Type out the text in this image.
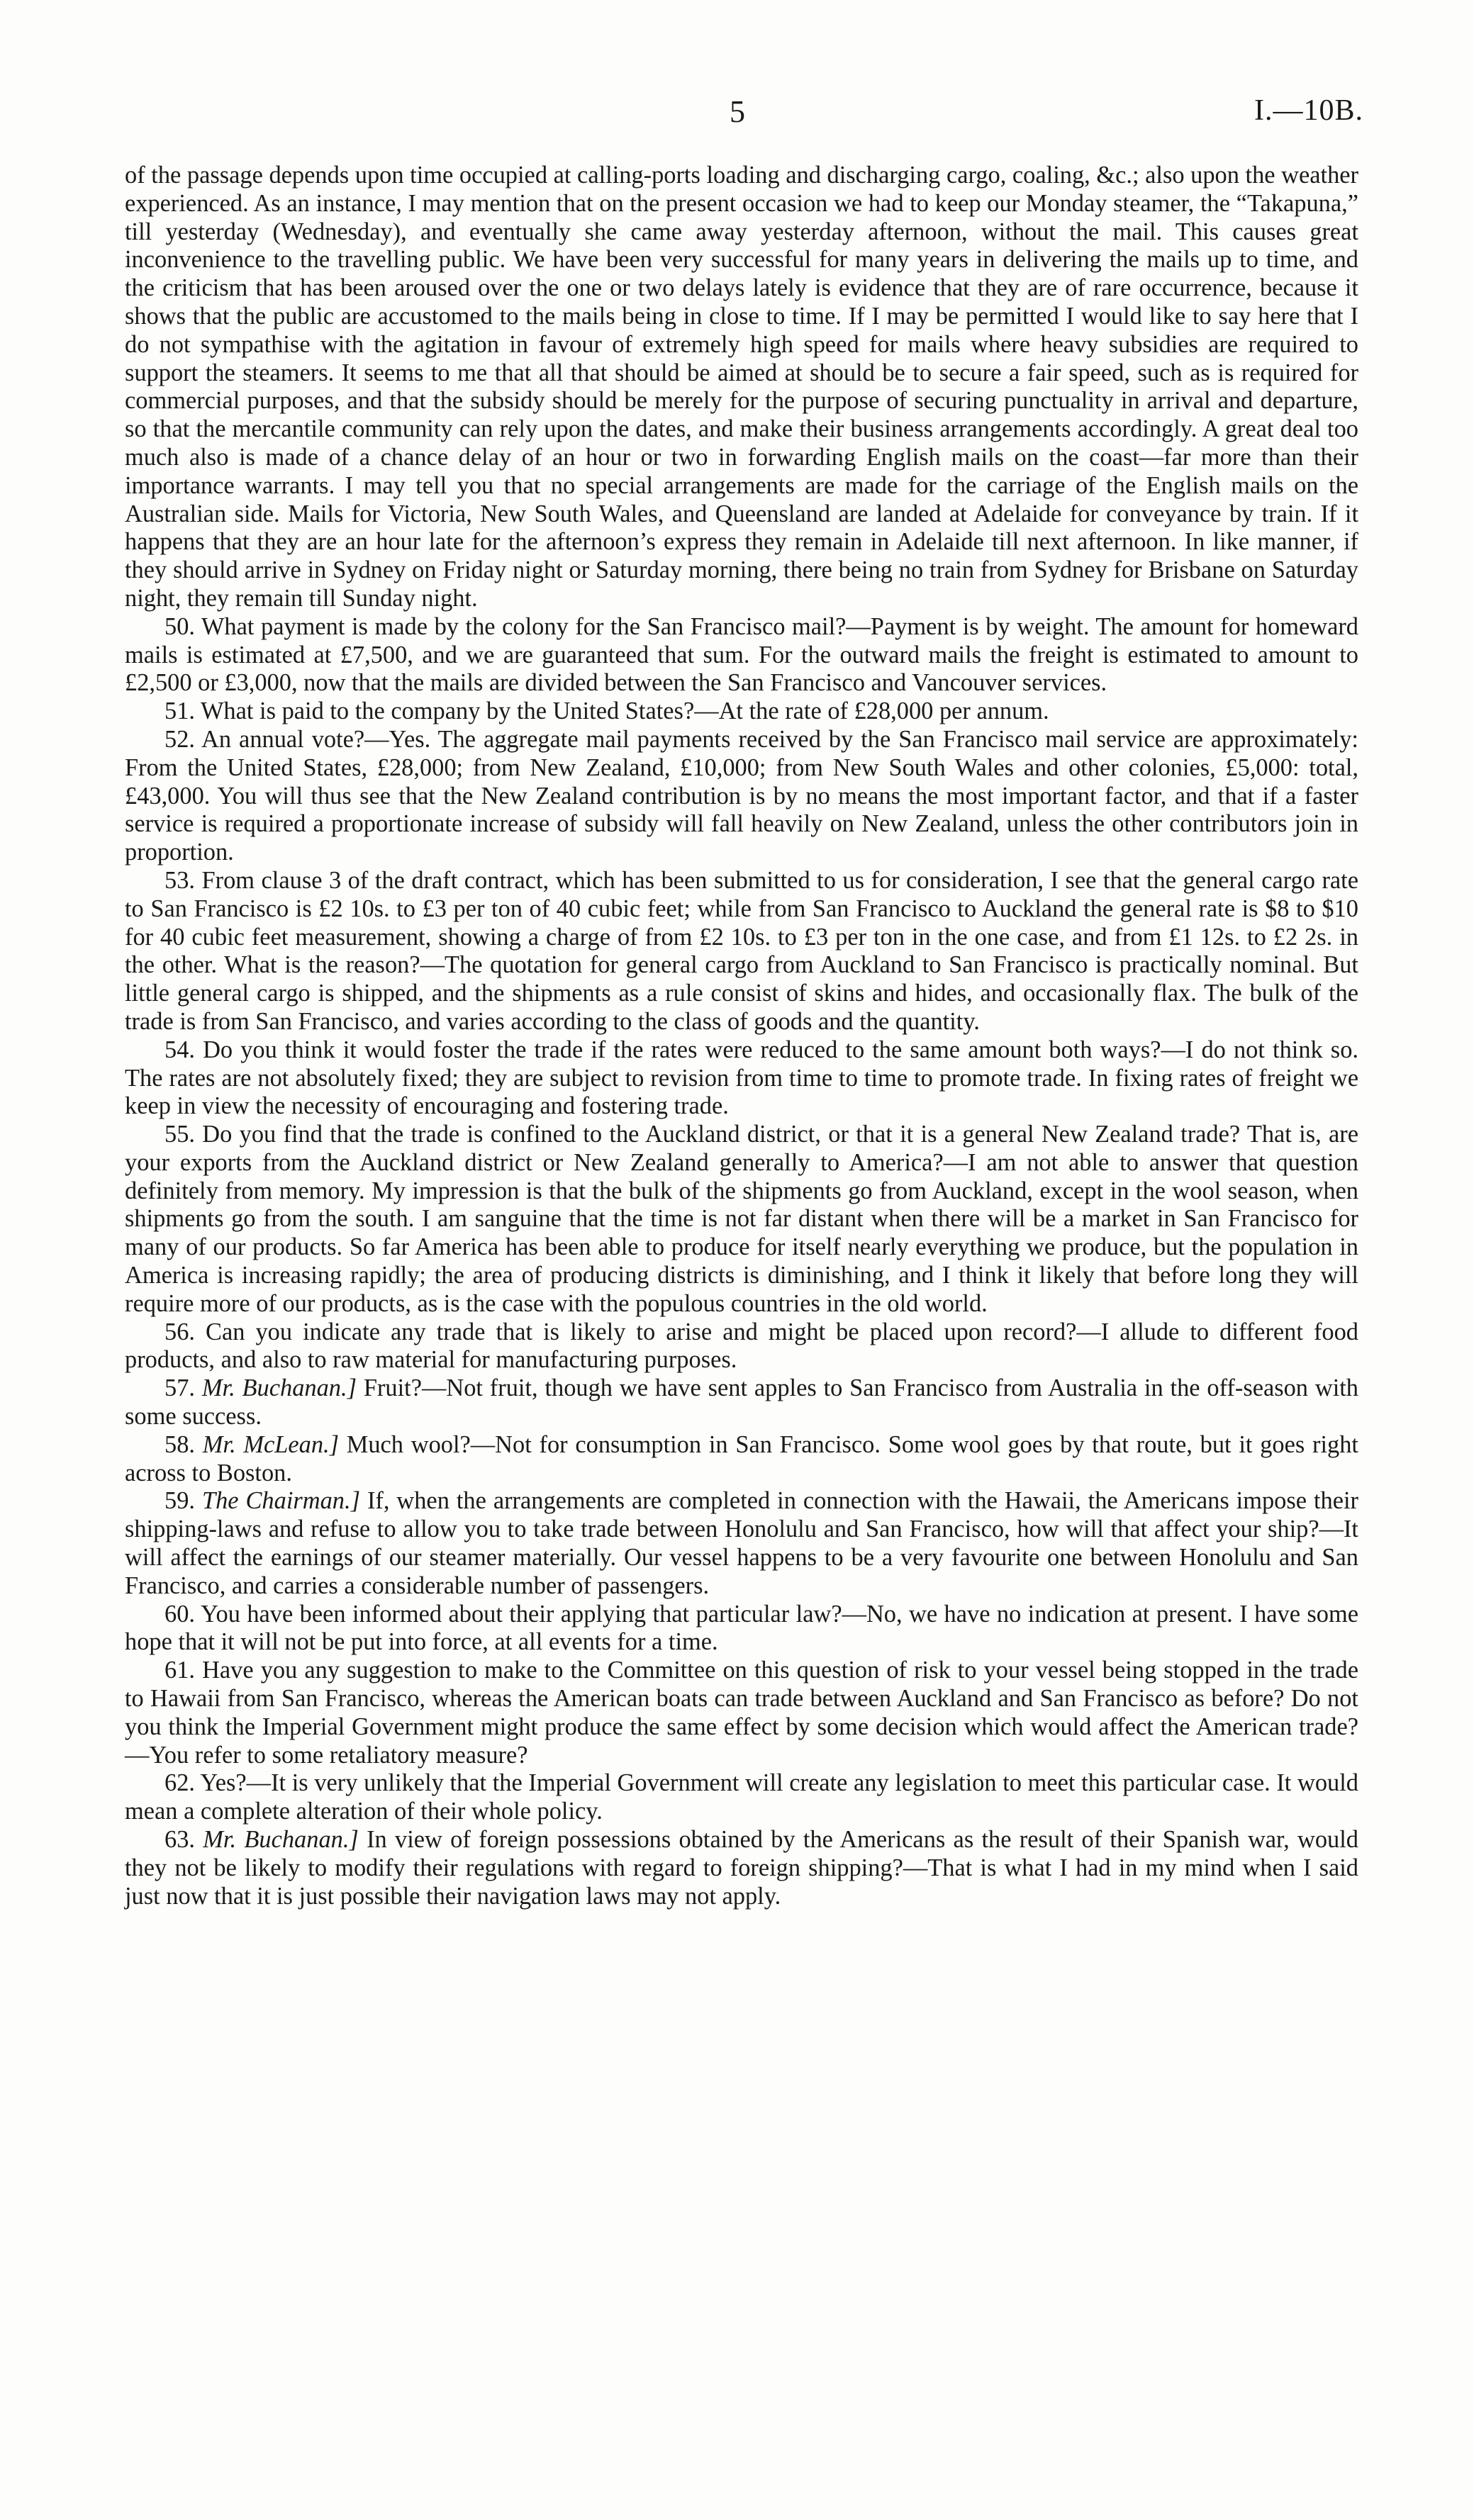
5	I.—10B.

of the passage depends upon time occupied at calling-ports loading and discharging cargo, coaling, &c.; also upon the weather experienced. As an instance, I may mention that on the present occasion we had to keep our Monday steamer, the “Takapuna,” till yesterday (Wednesday), and eventually she came away yesterday afternoon, without the mail. This causes great inconvenience to the travelling public. We have been very successful for many years in delivering the mails up to time, and the criticism that has been aroused over the one or two delays lately is evidence that they are of rare occurrence, because it shows that the public are accustomed to the mails being in close to time. If I may be permitted I would like to say here that I do not sympathise with the agitation in favour of extremely high speed for mails where heavy subsidies are required to support the steamers. It seems to me that all that should be aimed at should be to secure a fair speed, such as is required for commercial purposes, and that the subsidy should be merely for the purpose of securing punctuality in arrival and departure, so that the mercantile community can rely upon the dates, and make their business arrangements accordingly. A great deal too much also is made of a chance delay of an hour or two in forwarding English mails on the coast—far more than their importance warrants. I may tell you that no special arrangements are made for the carriage of the English mails on the Australian side. Mails for Victoria, New South Wales, and Queensland are landed at Adelaide for conveyance by train. If it happens that they are an hour late for the afternoon’s express they remain in Adelaide till next afternoon. In like manner, if they should arrive in Sydney on Friday night or Saturday morning, there being no train from Sydney for Brisbane on Saturday night, they remain till Sunday night.

50. What payment is made by the colony for the San Francisco mail?—Payment is by weight. The amount for homeward mails is estimated at £7,500, and we are guaranteed that sum. For the outward mails the freight is estimated to amount to £2,500 or £3,000, now that the mails are divided between the San Francisco and Vancouver services.

51. What is paid to the company by the United States?—At the rate of £28,000 per annum.

52. An annual vote?—Yes. The aggregate mail payments received by the San Francisco mail service are approximately: From the United States, £28,000; from New Zealand, £10,000; from New South Wales and other colonies, £5,000: total, £43,000. You will thus see that the New Zealand contribution is by no means the most important factor, and that if a faster service is required a proportionate increase of subsidy will fall heavily on New Zealand, unless the other contributors join in proportion.

53. From clause 3 of the draft contract, which has been submitted to us for consideration, I see that the general cargo rate to San Francisco is £2 10s. to £3 per ton of 40 cubic feet; while from San Francisco to Auckland the general rate is $8 to $10 for 40 cubic feet measurement, showing a charge of from £2 10s. to £3 per ton in the one case, and from £1 12s. to £2 2s. in the other. What is the reason?—The quotation for general cargo from Auckland to San Francisco is practically nominal. But little general cargo is shipped, and the shipments as a rule consist of skins and hides, and occasionally flax. The bulk of the trade is from San Francisco, and varies according to the class of goods and the quantity.

54. Do you think it would foster the trade if the rates were reduced to the same amount both ways?—I do not think so. The rates are not absolutely fixed; they are subject to revision from time to time to promote trade. In fixing rates of freight we keep in view the necessity of encouraging and fostering trade.

55. Do you find that the trade is confined to the Auckland district, or that it is a general New Zealand trade? That is, are your exports from the Auckland district or New Zealand generally to America?—I am not able to answer that question definitely from memory. My impression is that the bulk of the shipments go from Auckland, except in the wool season, when shipments go from the south. I am sanguine that the time is not far distant when there will be a market in San Francisco for many of our products. So far America has been able to produce for itself nearly everything we produce, but the population in America is increasing rapidly; the area of producing districts is diminishing, and I think it likely that before long they will require more of our products, as is the case with the populous countries in the old world.

56. Can you indicate any trade that is likely to arise and might be placed upon record?—I allude to different food products, and also to raw material for manufacturing purposes.

57. Mr. Buchanan.] Fruit?—Not fruit, though we have sent apples to San Francisco from Australia in the off-season with some success.

58. Mr. McLean.] Much wool?—Not for consumption in San Francisco. Some wool goes by that route, but it goes right across to Boston.

59. The Chairman.] If, when the arrangements are completed in connection with the Hawaii, the Americans impose their shipping-laws and refuse to allow you to take trade between Honolulu and San Francisco, how will that affect your ship?—It will affect the earnings of our steamer materially. Our vessel happens to be a very favourite one between Honolulu and San Francisco, and carries a considerable number of passengers.

60. You have been informed about their applying that particular law?—No, we have no indication at present. I have some hope that it will not be put into force, at all events for a time.

61. Have you any suggestion to make to the Committee on this question of risk to your vessel being stopped in the trade to Hawaii from San Francisco, whereas the American boats can trade between Auckland and San Francisco as before? Do not you think the Imperial Government might produce the same effect by some decision which would affect the American trade?—You refer to some retaliatory measure?

62. Yes?—It is very unlikely that the Imperial Government will create any legislation to meet this particular case. It would mean a complete alteration of their whole policy.

63. Mr. Buchanan.] In view of foreign possessions obtained by the Americans as the result of their Spanish war, would they not be likely to modify their regulations with regard to foreign shipping?—That is what I had in my mind when I said just now that it is just possible their navigation laws may not apply.
